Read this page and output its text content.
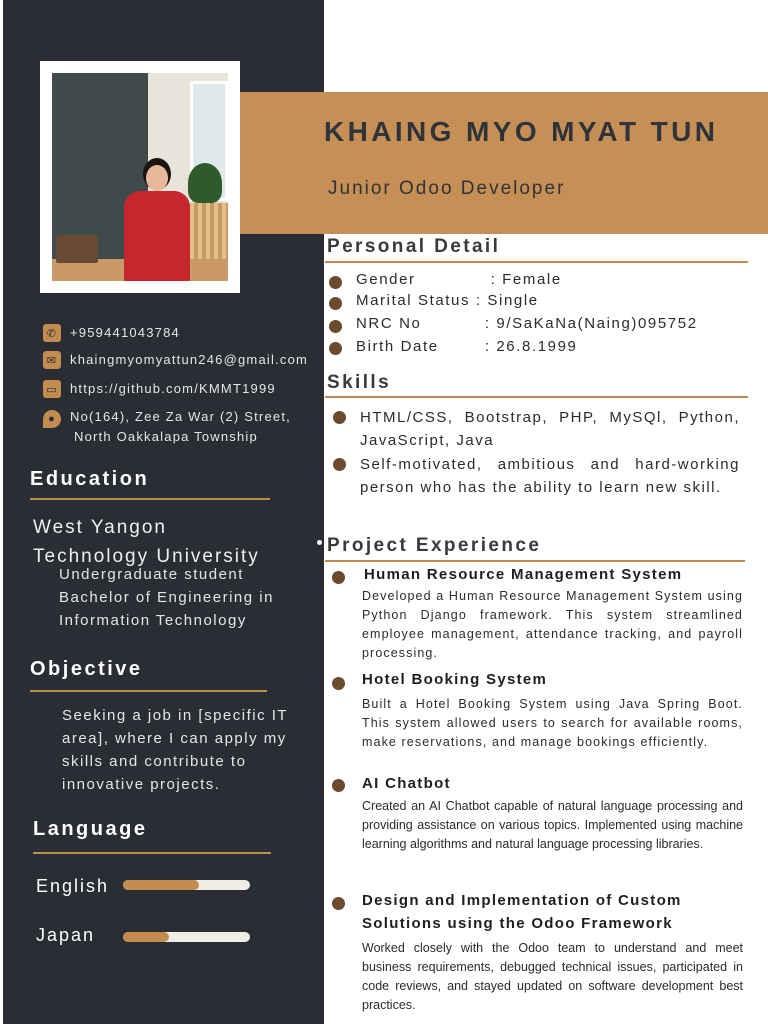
✆ +959441043784
✉ khaingmyomyattun246@gmail.com
▭ https://github.com/KMMT1999
●	No(164), Zee Za War (2) Street,
North Oakkalapa Township
Education
West Yangon
Technology University
Undergraduate student
Bachelor of Engineering in
Information Technology
Objective
Seeking a job in [specific IT
area], where I can apply my
skills and contribute to
innovative projects.
Language
English
Japan
KHAING MYO MYAT TUN
Junior Odoo Developer
Personal Detail
Gender             : Female
Marital Status : Single
NRC No           : 9/SaKaNa(Naing)095752
Birth Date        : 26.8.1999
Skills
HTML/CSS, Bootstrap, PHP, MySQl, Python, JavaScript, Java
Self-motivated, ambitious and hard-working person who has the ability to learn new skill.
Project Experience
Human Resource Management System
Developed a Human Resource Management System using Python Django framework. This system streamlined employee management, attendance tracking, and payroll processing.
Hotel Booking System
Built a Hotel Booking System using Java Spring Boot. This system allowed users to search for available rooms, make reservations, and manage bookings efficiently.
AI Chatbot
Created an AI Chatbot capable of natural language processing and providing assistance on various topics. Implemented using machine learning algorithms and natural language processing libraries.
Design and Implementation of Custom Solutions using the Odoo Framework
Worked closely with the Odoo team to understand and meet business requirements, debugged technical issues, participated in code reviews, and stayed updated on software development best practices.
